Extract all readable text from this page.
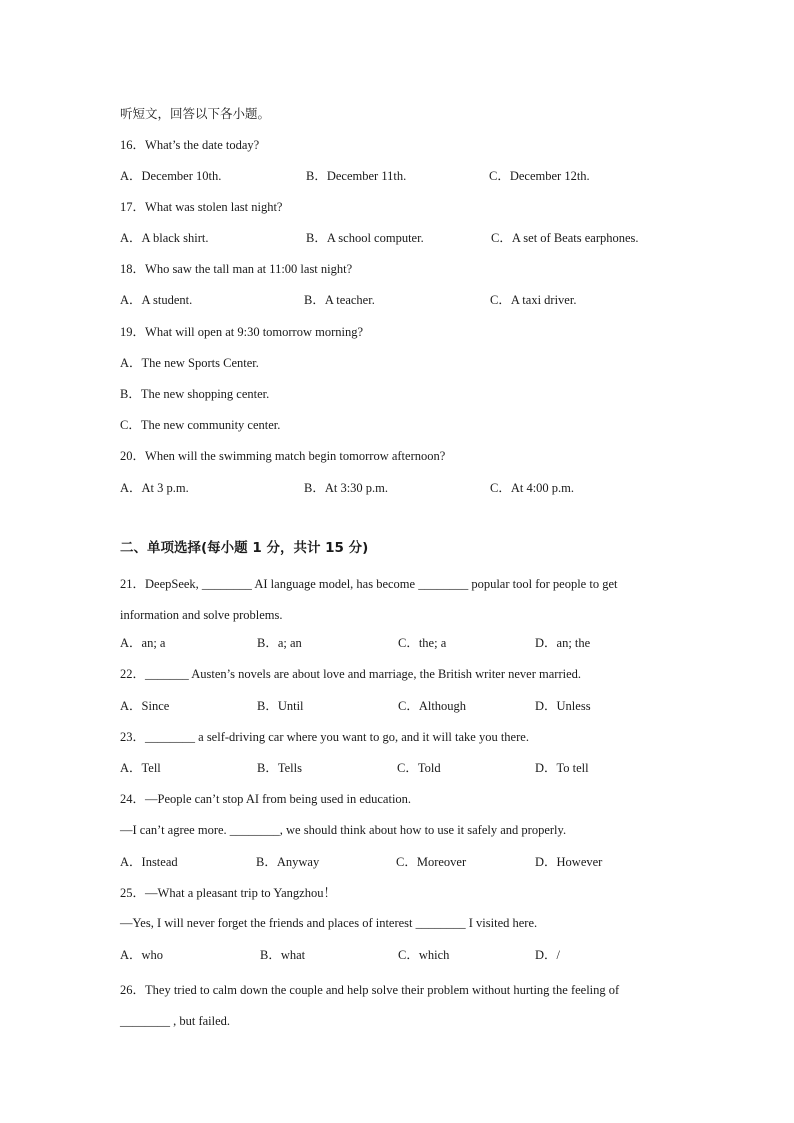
听短文，回答以下各小题。
16．What’s the date today?
A．December 10th.	B．December 11th.	C．December 12th.
17．What was stolen last night?
A．A black shirt.	B．A school computer.	C．A set of Beats earphones.
18．Who saw the tall man at 11:00 last night?
A．A student.	B．A teacher.	C．A taxi driver.
19．What will open at 9:30 tomorrow morning?
A．The new Sports Center.
B．The new shopping center.
C．The new community center.
20．When will the swimming match begin tomorrow afternoon?
A．At 3 p.m.	B．At 3:30 p.m.	C．At 4:00 p.m.
二、单项选择(每小题 1 分，共计 15 分)
21．DeepSeek, ________ AI language model, has become ________ popular tool for people to get
information and solve problems.
A．an; a	B．a; an	C．the; a	D．an; the
22．_______ Austen’s novels are about love and marriage, the British writer never married.
A．Since	B．Until	C．Although	D．Unless
23．________ a self-driving car where you want to go, and it will take you there.
A．Tell	B．Tells	C．Told	D．To tell
24．—People can’t stop AI from being used in education.
—I can’t agree more. ________, we should think about how to use it safely and properly.
A．Instead	B．Anyway	C．Moreover	D．However
25．—What a pleasant trip to Yangzhou！
—Yes, I will never forget the friends and places of interest ________ I visited here.
A．who	B．what	C．which	D．/
26．They tried to calm down the couple and help solve their problem without hurting the feeling of
________ , but failed.
